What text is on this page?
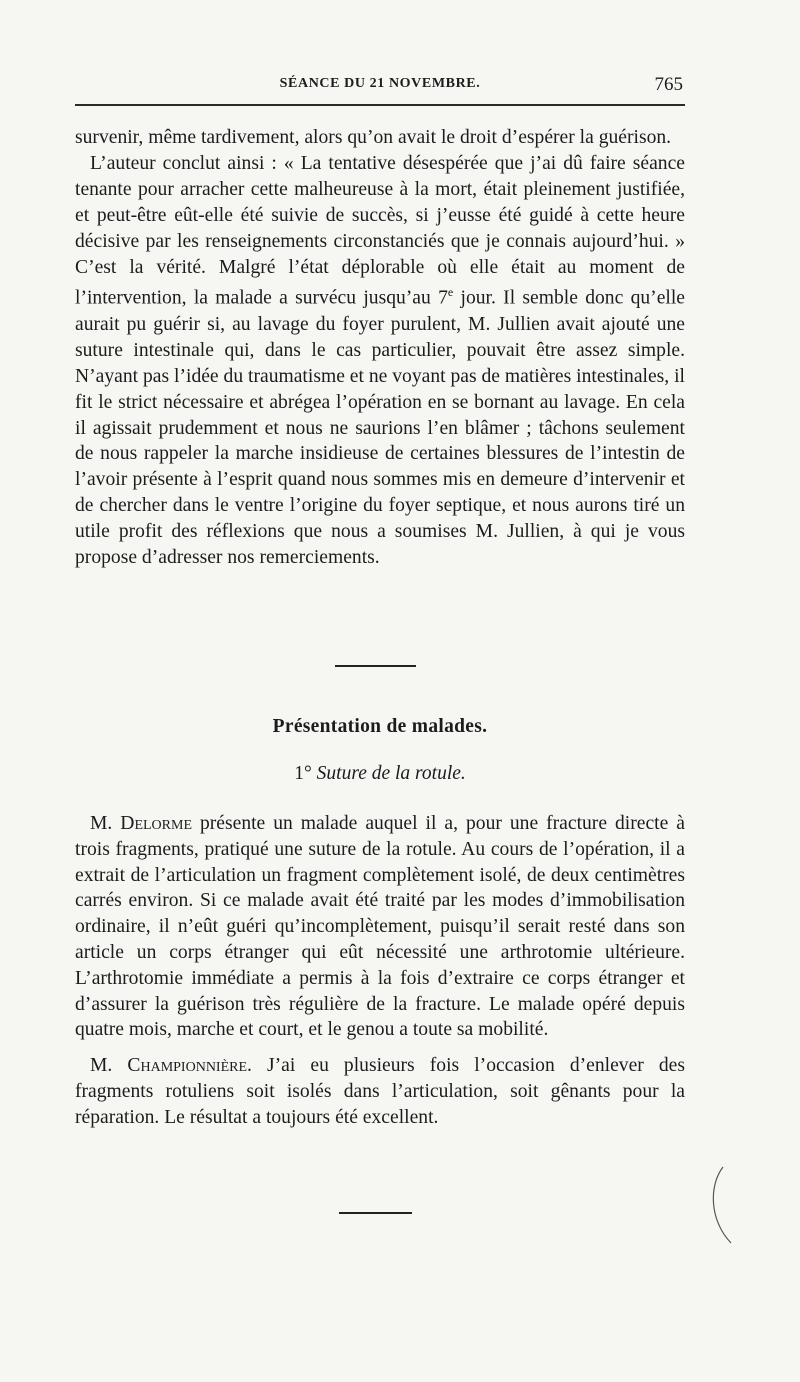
SÉANCE DU 21 NOVEMBRE.	765

survenir, même tardivement, alors qu’on avait le droit d’espérer la guérison.

L’auteur conclut ainsi : « La tentative désespérée que j’ai dû faire séance tenante pour arracher cette malheureuse à la mort, était pleinement justifiée, et peut-être eût-elle été suivie de succès, si j’eusse été guidé à cette heure décisive par les renseignements circonstanciés que je connais aujourd’hui. » C’est la vérité. Malgré l’état déplorable où elle était au moment de l’intervention, la malade a survécu jusqu’au 7e jour. Il semble donc qu’elle aurait pu guérir si, au lavage du foyer purulent, M. Jullien avait ajouté une suture intestinale qui, dans le cas particulier, pouvait être assez simple. N’ayant pas l’idée du traumatisme et ne voyant pas de matières intestinales, il fit le strict nécessaire et abrégea l’opération en se bornant au lavage. En cela il agissait prudemment et nous ne saurions l’en blâmer ; tâchons seulement de nous rappeler la marche insidieuse de certaines blessures de l’intestin de l’avoir présente à l’esprit quand nous sommes mis en demeure d’intervenir et de chercher dans le ventre l’origine du foyer septique, et nous aurons tiré un utile profit des réflexions que nous a soumises M. Jullien, à qui je vous propose d’adresser nos remerciements.

Présentation de malades.
1° Suture de la rotule.

M. Delorme présente un malade auquel il a, pour une fracture directe à trois fragments, pratiqué une suture de la rotule. Au cours de l’opération, il a extrait de l’articulation un fragment complètement isolé, de deux centimètres carrés environ. Si ce malade avait été traité par les modes d’immobilisation ordinaire, il n’eût guéri qu’incomplètement, puisqu’il serait resté dans son article un corps étranger qui eût nécessité une arthrotomie ultérieure. L’arthrotomie immédiate a permis à la fois d’extraire ce corps étranger et d’assurer la guérison très régulière de la fracture. Le malade opéré depuis quatre mois, marche et court, et le genou a toute sa mobilité.

M. Championnière. J’ai eu plusieurs fois l’occasion d’enlever des fragments rotuliens soit isolés dans l’articulation, soit gênants pour la réparation. Le résultat a toujours été excellent.
